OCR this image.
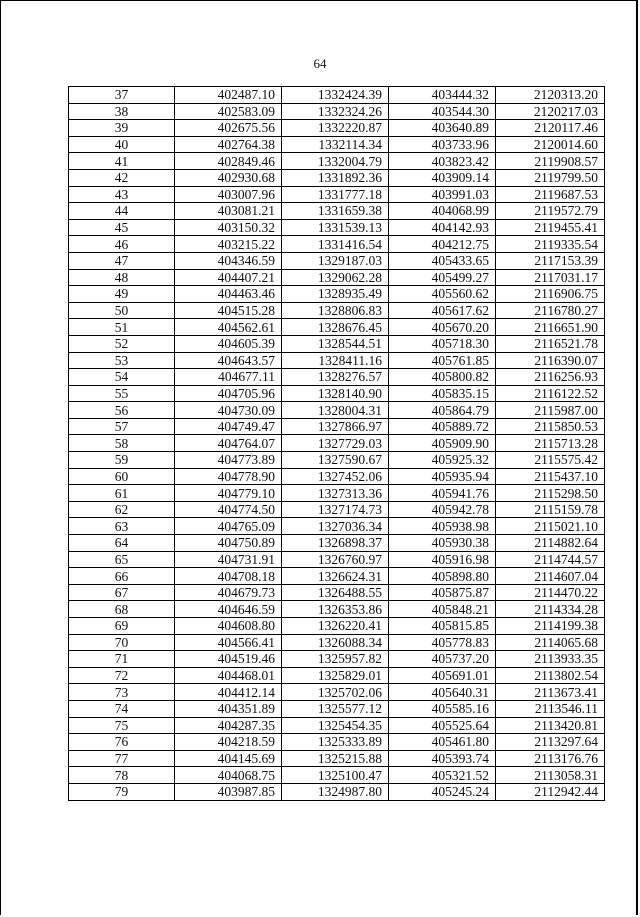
64
37	402487.10	1332424.39	403444.32	2120313.20
38	402583.09	1332324.26	403544.30	2120217.03
39	402675.56	1332220.87	403640.89	2120117.46
40	402764.38	1332114.34	403733.96	2120014.60
41	402849.46	1332004.79	403823.42	2119908.57
42	402930.68	1331892.36	403909.14	2119799.50
43	403007.96	1331777.18	403991.03	2119687.53
44	403081.21	1331659.38	404068.99	2119572.79
45	403150.32	1331539.13	404142.93	2119455.41
46	403215.22	1331416.54	404212.75	2119335.54
47	404346.59	1329187.03	405433.65	2117153.39
48	404407.21	1329062.28	405499.27	2117031.17
49	404463.46	1328935.49	405560.62	2116906.75
50	404515.28	1328806.83	405617.62	2116780.27
51	404562.61	1328676.45	405670.20	2116651.90
52	404605.39	1328544.51	405718.30	2116521.78
53	404643.57	1328411.16	405761.85	2116390.07
54	404677.11	1328276.57	405800.82	2116256.93
55	404705.96	1328140.90	405835.15	2116122.52
56	404730.09	1328004.31	405864.79	2115987.00
57	404749.47	1327866.97	405889.72	2115850.53
58	404764.07	1327729.03	405909.90	2115713.28
59	404773.89	1327590.67	405925.32	2115575.42
60	404778.90	1327452.06	405935.94	2115437.10
61	404779.10	1327313.36	405941.76	2115298.50
62	404774.50	1327174.73	405942.78	2115159.78
63	404765.09	1327036.34	405938.98	2115021.10
64	404750.89	1326898.37	405930.38	2114882.64
65	404731.91	1326760.97	405916.98	2114744.57
66	404708.18	1326624.31	405898.80	2114607.04
67	404679.73	1326488.55	405875.87	2114470.22
68	404646.59	1326353.86	405848.21	2114334.28
69	404608.80	1326220.41	405815.85	2114199.38
70	404566.41	1326088.34	405778.83	2114065.68
71	404519.46	1325957.82	405737.20	2113933.35
72	404468.01	1325829.01	405691.01	2113802.54
73	404412.14	1325702.06	405640.31	2113673.41
74	404351.89	1325577.12	405585.16	2113546.11
75	404287.35	1325454.35	405525.64	2113420.81
76	404218.59	1325333.89	405461.80	2113297.64
77	404145.69	1325215.88	405393.74	2113176.76
78	404068.75	1325100.47	405321.52	2113058.31
79	403987.85	1324987.80	405245.24	2112942.44
